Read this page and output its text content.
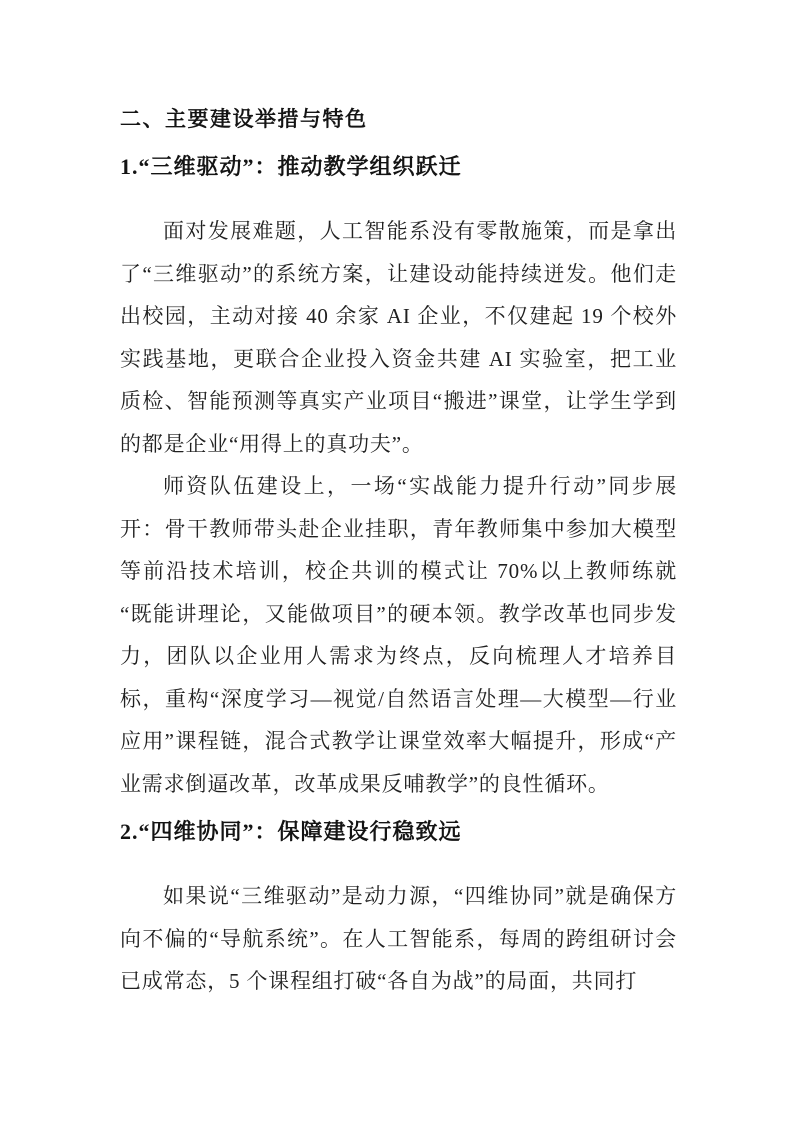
二、主要建设举措与特色
1.“三维驱动”：推动教学组织跃迁

面对发展难题，人工智能系没有零散施策，而是拿出了“三维驱动”的系统方案，让建设动能持续迸发。他们走出校园，主动对接 40 余家 AI 企业，不仅建起 19 个校外实践基地，更联合企业投入资金共建 AI 实验室，把工业质检、智能预测等真实产业项目“搬进”课堂，让学生学到的都是企业“用得上的真功夫”。

师资队伍建设上，一场“实战能力提升行动”同步展开：骨干教师带头赴企业挂职，青年教师集中参加大模型等前沿技术培训，校企共训的模式让 70%以上教师练就“既能讲理论，又能做项目”的硬本领。教学改革也同步发力，团队以企业用人需求为终点，反向梳理人才培养目标，重构“深度学习—视觉/自然语言处理—大模型—行业应用”课程链，混合式教学让课堂效率大幅提升，形成“产业需求倒逼改革，改革成果反哺教学”的良性循环。

2.“四维协同”：保障建设行稳致远

如果说“三维驱动”是动力源，“四维协同”就是确保方向不偏的“导航系统”。在人工智能系，每周的跨组研讨会已成常态，5 个课程组打破“各自为战”的局面，共同打
